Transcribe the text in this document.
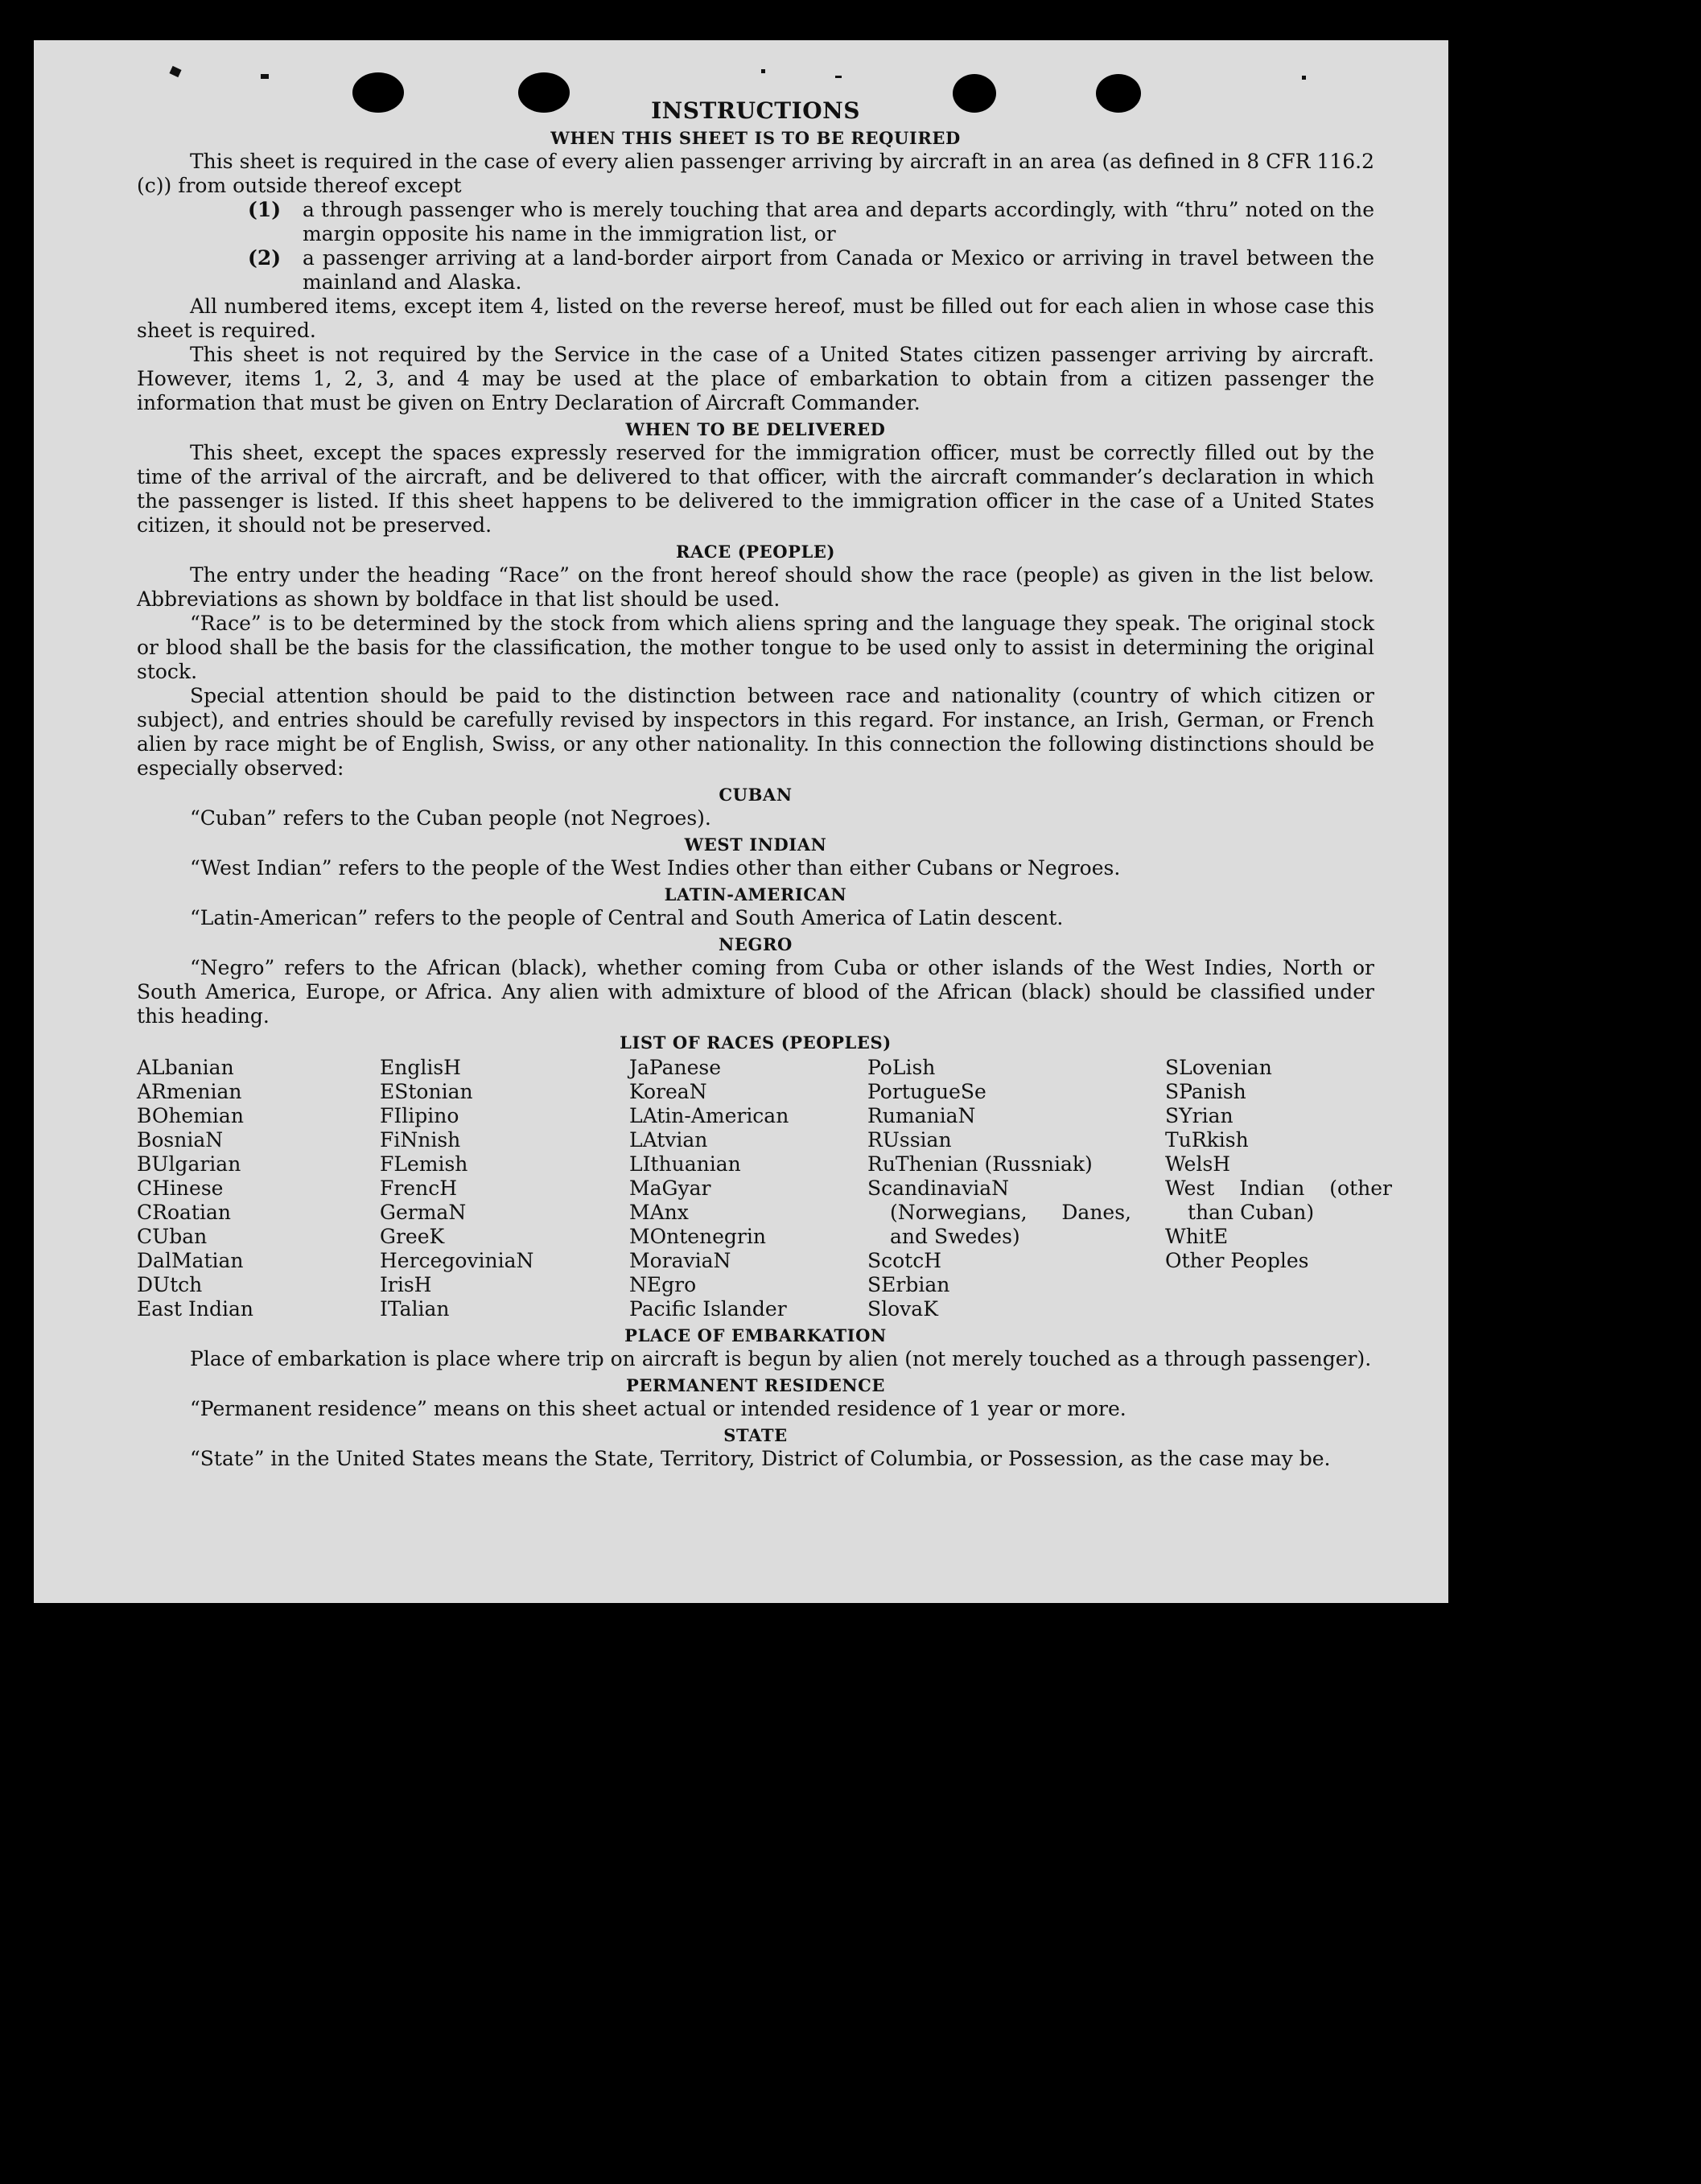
INSTRUCTIONS
WHEN THIS SHEET IS TO BE REQUIRED
This sheet is required in the case of every alien passenger arriving by aircraft in an area (as defined in 8 CFR 116.2 (c)) from outside thereof except
(1)	a through passenger who is merely touching that area and departs accordingly, with “thru” noted on the margin opposite his name in the immigration list, or
(2)	a passenger arriving at a land-border airport from Canada or Mexico or arriving in travel between the mainland and Alaska.
All numbered items, except item 4, listed on the reverse hereof, must be filled out for each alien in whose case this sheet is required.
This sheet is not required by the Service in the case of a United States citizen passenger arriving by aircraft. However, items 1, 2, 3, and 4 may be used at the place of embarkation to obtain from a citizen passenger the information that must be given on Entry Declaration of Aircraft Commander.
WHEN TO BE DELIVERED
This sheet, except the spaces expressly reserved for the immigration officer, must be correctly filled out by the time of the arrival of the aircraft, and be delivered to that officer, with the aircraft commander’s declaration in which the passenger is listed. If this sheet happens to be delivered to the immigration officer in the case of a United States citizen, it should not be preserved.
RACE (PEOPLE)
The entry under the heading “Race” on the front hereof should show the race (people) as given in the list below. Abbreviations as shown by boldface in that list should be used.
“Race” is to be determined by the stock from which aliens spring and the language they speak. The original stock or blood shall be the basis for the classification, the mother tongue to be used only to assist in determining the original stock.
Special attention should be paid to the distinction between race and nationality (country of which citizen or subject), and entries should be carefully revised by inspectors in this regard. For instance, an Irish, German, or French alien by race might be of English, Swiss, or any other nationality. In this connection the following distinctions should be especially observed:
CUBAN
“Cuban” refers to the Cuban people (not Negroes).
WEST INDIAN
“West Indian” refers to the people of the West Indies other than either Cubans or Negroes.
LATIN-AMERICAN
“Latin-American” refers to the people of Central and South America of Latin descent.
NEGRO
“Negro” refers to the African (black), whether coming from Cuba or other islands of the West Indies, North or South America, Europe, or Africa. Any alien with admixture of blood of the African (black) should be classified under this heading.
LIST OF RACES (PEOPLES)
ALbanian
ARmenian
BOhemian
BosniaN
BUlgarian
CHinese
CRoatian
CUban
DalMatian
DUtch
East Indian
EnglisH
EStonian
FIlipino
FiNnish
FLemish
FrencH
GermaN
GreeK
HercegoviniaN
IrisH
ITalian
JaPanese
KoreaN
LAtin-American
LAtvian
LIthuanian
MaGyar
MAnx
MOntenegrin
MoraviaN
NEgro
Pacific Islander
PoLish
PortugueSe
RumaniaN
RUssian
RuThenian (Russniak)
ScandinaviaN (Norwegians, Danes, and Swedes)
ScotcH
SErbian
SlovaK
SLovenian
SPanish
SYrian
TuRkish
WelsH
West Indian (other than Cuban)
WhitE
Other Peoples
PLACE OF EMBARKATION
Place of embarkation is place where trip on aircraft is begun by alien (not merely touched as a through passenger).
PERMANENT RESIDENCE
“Permanent residence” means on this sheet actual or intended residence of 1 year or more.
STATE
“State” in the United States means the State, Territory, District of Columbia, or Possession, as the case may be.
